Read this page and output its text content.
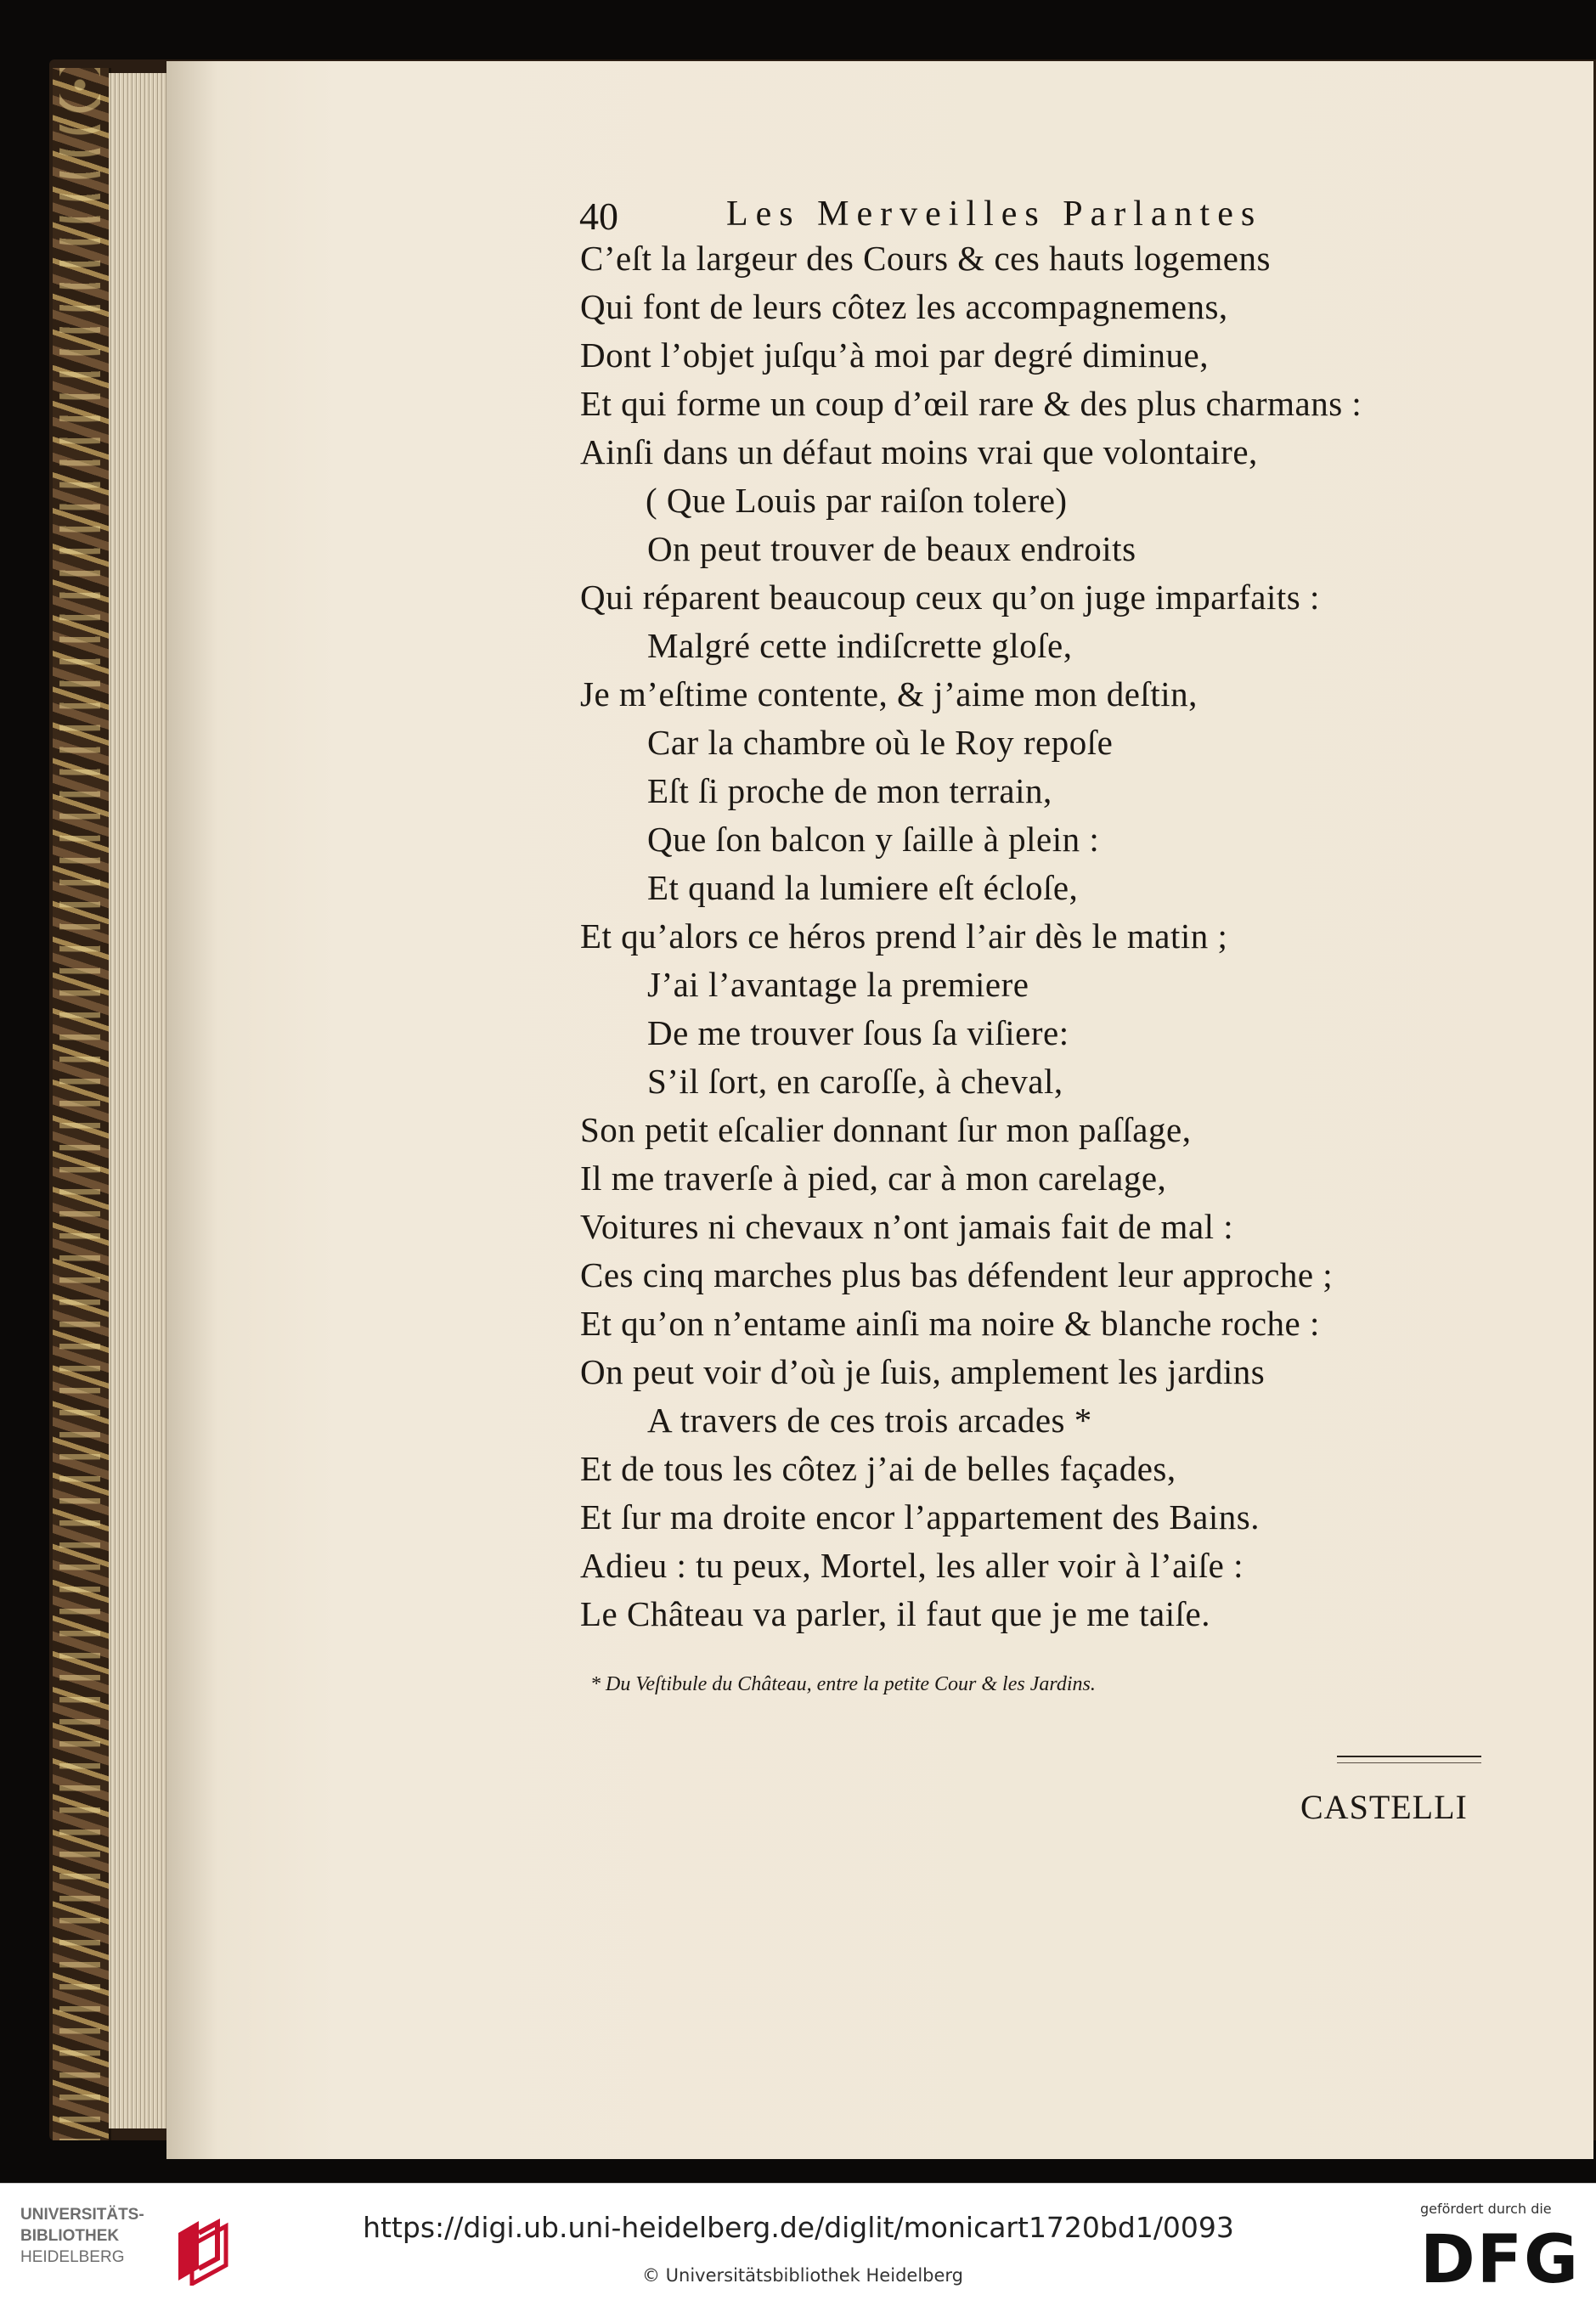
40	Les Merveilles Parlantes
C’eſt la largeur des Cours & ces hauts logemens
Qui font de leurs côtez les accompagnemens,
Dont l’objet juſqu’à moi par degré diminue,
Et qui forme un coup d’œil rare & des plus charmans :
Ainſi dans un défaut moins vrai que volontaire,
( Que Louis par raiſon tolere)
On peut trouver de beaux endroits
Qui réparent beaucoup ceux qu’on juge imparfaits :
Malgré cette indiſcrette gloſe,
Je m’eſtime contente, & j’aime mon deſtin,
Car la chambre où le Roy repoſe
Eſt ſi proche de mon terrain,
Que ſon balcon y ſaille à plein :
Et quand la lumiere eſt écloſe,
Et qu’alors ce héros prend l’air dès le matin ;
J’ai l’avantage la premiere
De me trouver ſous ſa viſiere:
S’il ſort, en caroſſe, à cheval,
Son petit eſcalier donnant ſur mon paſſage,
Il me traverſe à pied, car à mon carelage,
Voitures ni chevaux n’ont jamais fait de mal :
Ces cinq marches plus bas défendent leur approche ;
Et qu’on n’entame ainſi ma noire & blanche roche :
On peut voir d’où je ſuis, amplement les jardins
A travers de ces trois arcades *
Et de tous les côtez j’ai de belles façades,
Et ſur ma droite encor l’appartement des Bains.
Adieu : tu peux, Mortel, les aller voir à l’aiſe :
Le Château va parler, il faut que je me taiſe.
* Du Veſtibule du Château, entre la petite Cour & les Jardins.
CASTELLI
UNIVERSITÄTS-
BIBLIOTHEK
HEIDELBERG
https://digi.ub.uni-heidelberg.de/diglit/monicart1720bd1/0093
© Universitätsbibliothek Heidelberg
gefördert durch die
DFG
